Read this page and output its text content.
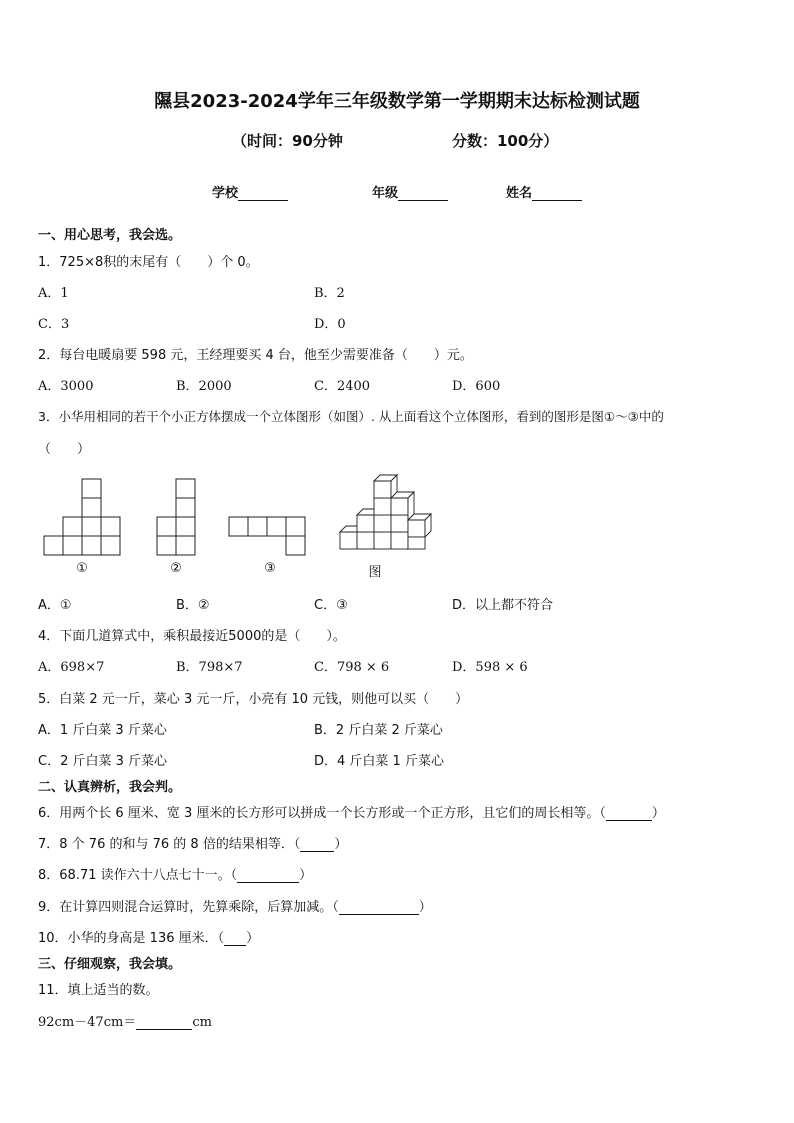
隰县2023-2024学年三年级数学第一学期期末达标检测试题
（时间：90分钟	分数：100分）
学校	年级	姓名
一、用心思考，我会选。
1．725×8积的末尾有（　　）个 0。
A．1	B．2
C．3	D．0
2．每台电暖扇要 598 元，王经理要买 4 台，他至少需要准备（　　）元。
A．3000	B．2000	C．2400	D．600
3．小华用相同的若干个小正方体摆成一个立体图形（如图）. 从上面看这个立体图形，看到的图形是图①～③中的
（　　）
①	②	③	图
A．①	B．②	C．③	D．以上都不符合
4．下面几道算式中，乘积最接近5000的是（　　）。
A．698×7	B．798×7	C．798 × 6	D．598 × 6
5．白菜 2 元一斤，菜心 3 元一斤，小亮有 10 元钱，则他可以买（　　）
A．1 斤白菜 3 斤菜心	B．2 斤白菜 2 斤菜心
C．2 斤白菜 3 斤菜心	D．4 斤白菜 1 斤菜心
二、认真辨析，我会判。
6．用两个长 6 厘米、宽 3 厘米的长方形可以拼成一个长方形或一个正方形，且它们的周长相等。（	）
7．8 个 76 的和与 76 的 8 倍的结果相等．（	）
8．68.71 读作六十八点七十一。（	）
9．在计算四则混合运算时，先算乘除，后算加减。（	）
10．小华的身高是 136 厘米．（ ）
三、仔细观察，我会填。
11．填上适当的数。
92cm－47cm＝	cm
